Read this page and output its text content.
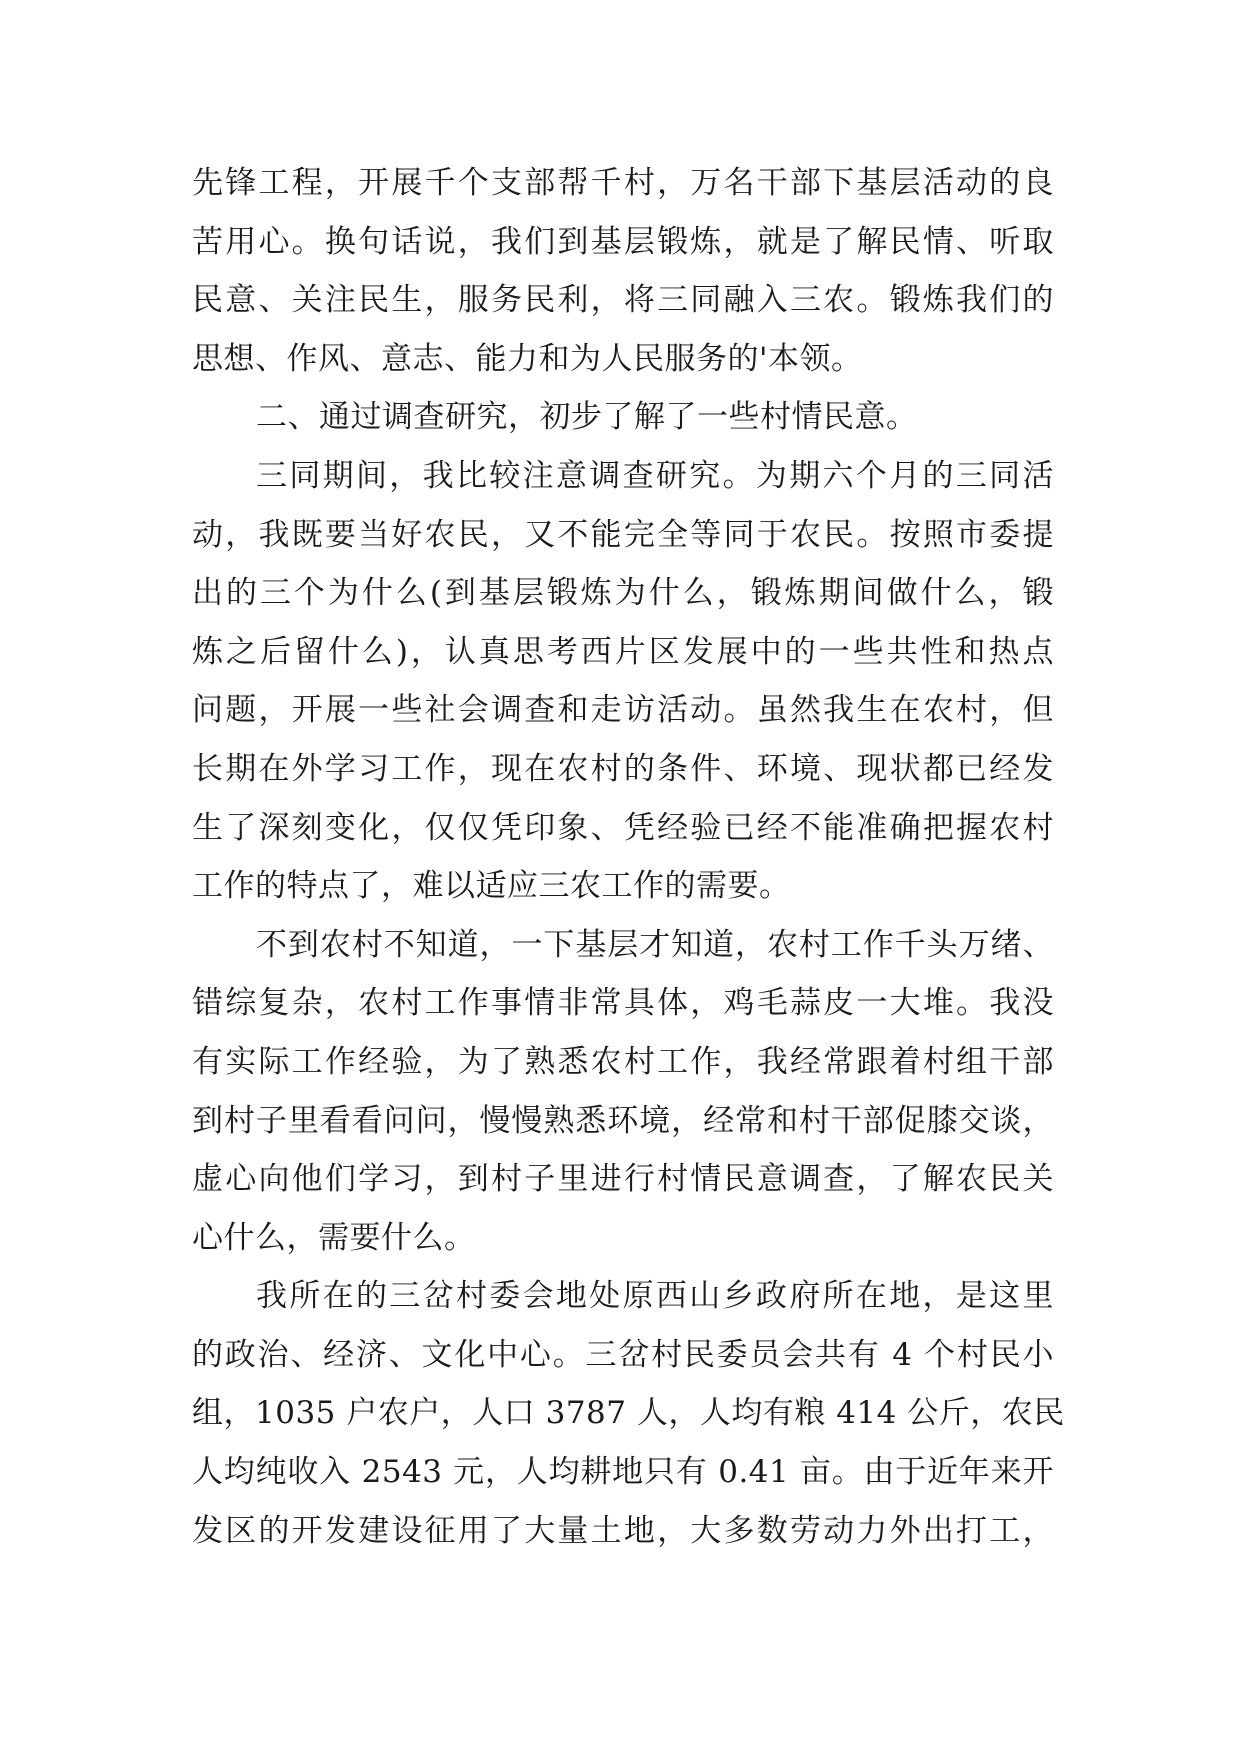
先锋工程，开展千个支部帮千村，万名干部下基层活动的良
苦用心。换句话说，我们到基层锻炼，就是了解民情、听取
民意、关注民生，服务民利，将三同融入三农。锻炼我们的
思想、作风、意志、能力和为人民服务的'本领。
二、通过调查研究，初步了解了一些村情民意。
三同期间，我比较注意调查研究。为期六个月的三同活
动，我既要当好农民，又不能完全等同于农民。按照市委提
出的三个为什么(到基层锻炼为什么，锻炼期间做什么，锻
炼之后留什么)，认真思考西片区发展中的一些共性和热点
问题，开展一些社会调查和走访活动。虽然我生在农村，但
长期在外学习工作，现在农村的条件、环境、现状都已经发
生了深刻变化，仅仅凭印象、凭经验已经不能准确把握农村
工作的特点了，难以适应三农工作的需要。
不到农村不知道，一下基层才知道，农村工作千头万绪、
错综复杂，农村工作事情非常具体，鸡毛蒜皮一大堆。我没
有实际工作经验，为了熟悉农村工作，我经常跟着村组干部
到村子里看看问问，慢慢熟悉环境，经常和村干部促膝交谈，
虚心向他们学习，到村子里进行村情民意调查，了解农民关
心什么，需要什么。
我所在的三岔村委会地处原西山乡政府所在地，是这里
的政治、经济、文化中心。三岔村民委员会共有 4 个村民小
组，1035 户农户，人口 3787 人，人均有粮 414 公斤，农民
人均纯收入 2543 元，人均耕地只有 0.41 亩。由于近年来开
发区的开发建设征用了大量土地，大多数劳动力外出打工，
